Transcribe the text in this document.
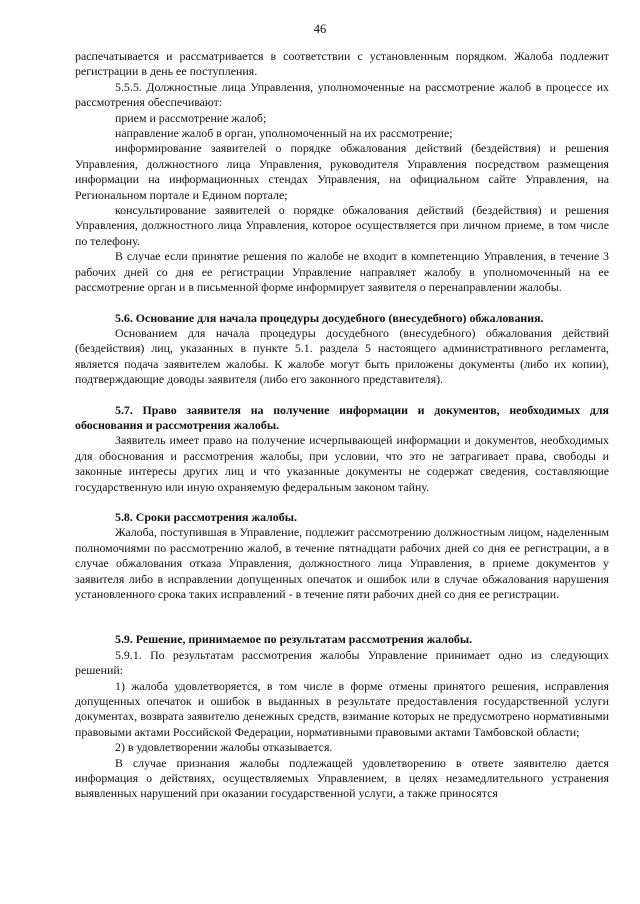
46

распечатывается и рассматривается в соответствии с установленным порядком. Жалоба подлежит регистрации в день ее поступления.

5.5.5. Должностные лица Управления, уполномоченные на рассмотрение жалоб в процессе их рассмотрения обеспечивают:

прием и рассмотрение жалоб;

направление жалоб в орган, уполномоченный на их рассмотрение;

информирование заявителей о порядке обжалования действий (бездействия) и решения Управления, должностного лица Управления, руководителя Управления посредством размещения информации на информационных стендах Управления, на официальном сайте Управления, на Региональном портале и Едином портале;

консультирование заявителей о порядке обжалования действий (бездействия) и решения Управления, должностного лица Управления, которое осуществляется при личном приеме, в том числе по телефону.

В случае если принятие решения по жалобе не входит в компетенцию Управления, в течение 3 рабочих дней со дня ее регистрации Управление направляет жалобу в уполномоченный на ее рассмотрение орган и в письменной форме информирует заявителя о перенаправлении жалобы.

5.6. Основание для начала процедуры досудебного (внесудебного) обжалования.

Основанием для начала процедуры досудебного (внесудебного) обжалования действий (бездействия) лиц, указанных в пункте 5.1. раздела 5 настоящего административного регламента, является подача заявителем жалобы. К жалобе могут быть приложены документы (либо их копии), подтверждающие доводы заявителя (либо его законного представителя).

5.7. Право заявителя на получение информации и документов, необходимых для обоснования и рассмотрения жалобы.

Заявитель имеет право на получение исчерпывающей информации и документов, необходимых для обоснования и рассмотрения жалобы, при условии, что это не затрагивает права, свободы и законные интересы других лиц и что указанные документы не содержат сведения, составляющие государственную или иную охраняемую федеральным законом тайну.

5.8. Сроки рассмотрения жалобы.

Жалоба, поступившая в Управление, подлежит рассмотрению должностным лицом, наделенным полномочиями по рассмотрению жалоб, в течение пятнадцати рабочих дней со дня ее регистрации, а в случае обжалования отказа Управления, должностного лица Управления, в приеме документов у заявителя либо в исправлении допущенных опечаток и ошибок или в случае обжалования нарушения установленного срока таких исправлений - в течение пяти рабочих дней со дня ее регистрации.

5.9. Решение, принимаемое по результатам рассмотрения жалобы.

5.9.1. По результатам рассмотрения жалобы Управление принимает одно из следующих решений:

1) жалоба удовлетворяется, в том числе в форме отмены принятого решения, исправления допущенных опечаток и ошибок в выданных в результате предоставления государственной услуги документах, возврата заявителю денежных средств, взимание которых не предусмотрено нормативными правовыми актами Российской Федерации, нормативными правовыми актами Тамбовской области;

2) в удовлетворении жалобы отказывается.

В случае признания жалобы подлежащей удовлетворению в ответе заявителю дается информация о действиях, осуществляемых Управлением, в целях незамедлительного устранения выявленных нарушений при оказании государственной услуги, а также приносятся
